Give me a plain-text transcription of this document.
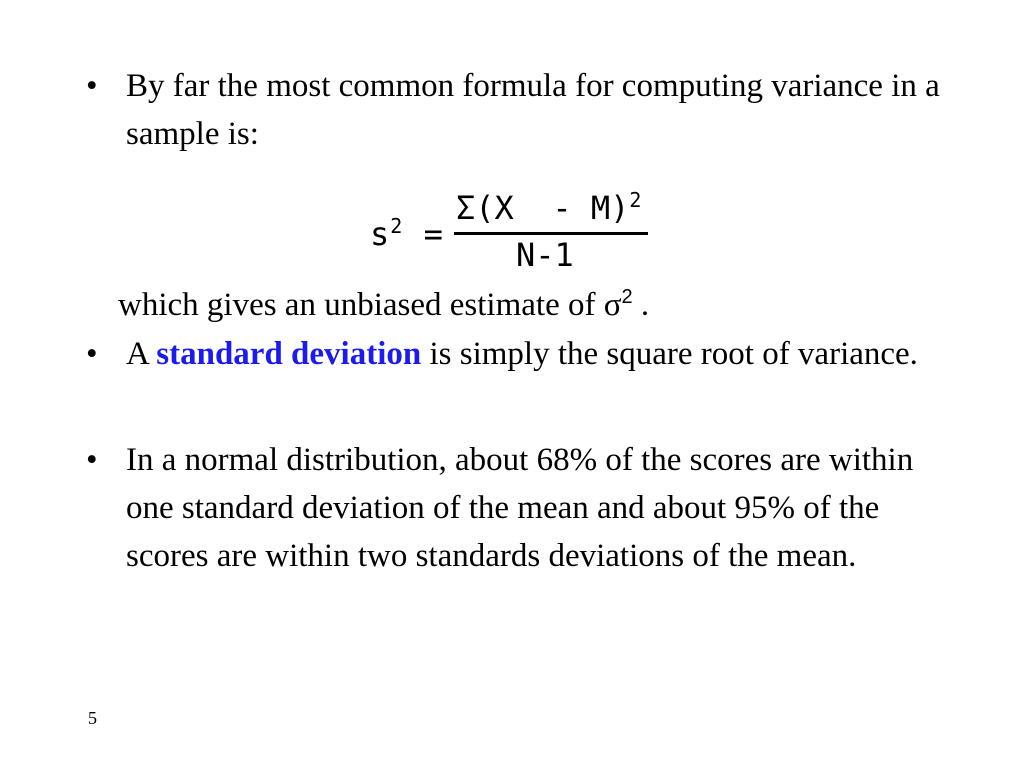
• By far the most common formula for computing variance in a sample is:
$s^2$ =
Σ(X  - M)$^2$
N-1
which gives an unbiased estimate of $\sigma^2$ .
• A standard deviation is simply the square root of variance.
• In a normal distribution, about 68% of the scores are within one standard deviation of the mean and about 95% of the scores are within two standards deviations of the mean.
5
